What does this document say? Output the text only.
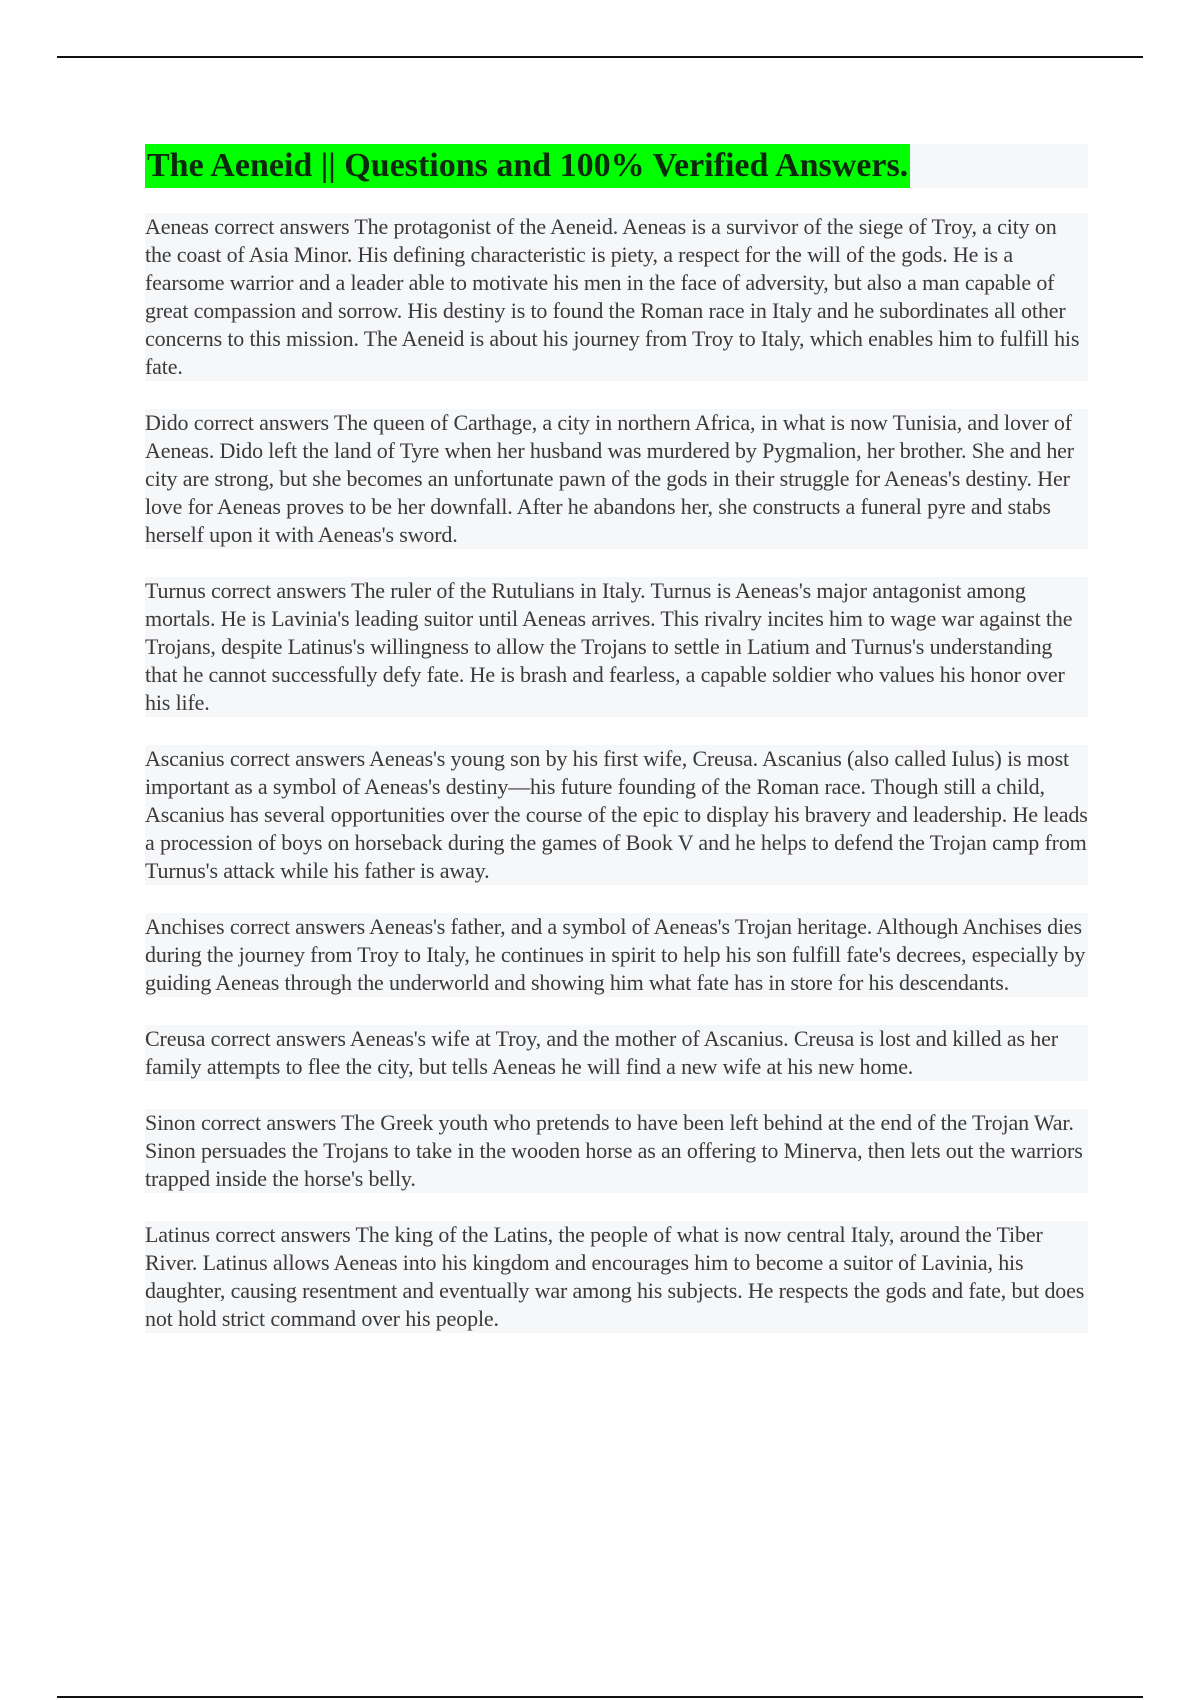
The Aeneid || Questions and 100% Verified Answers.

Aeneas correct answers The protagonist of the Aeneid. Aeneas is a survivor of the siege of Troy, a city on the coast of Asia Minor. His defining characteristic is piety, a respect for the will of the gods. He is a fearsome warrior and a leader able to motivate his men in the face of adversity, but also a man capable of great compassion and sorrow. His destiny is to found the Roman race in Italy and he subordinates all other concerns to this mission. The Aeneid is about his journey from Troy to Italy, which enables him to fulfill his fate.

Dido correct answers The queen of Carthage, a city in northern Africa, in what is now Tunisia, and lover of Aeneas. Dido left the land of Tyre when her husband was murdered by Pygmalion, her brother. She and her city are strong, but she becomes an unfortunate pawn of the gods in their struggle for Aeneas's destiny. Her love for Aeneas proves to be her downfall. After he abandons her, she constructs a funeral pyre and stabs herself upon it with Aeneas's sword.

Turnus correct answers The ruler of the Rutulians in Italy. Turnus is Aeneas's major antagonist among mortals. He is Lavinia's leading suitor until Aeneas arrives. This rivalry incites him to wage war against the Trojans, despite Latinus's willingness to allow the Trojans to settle in Latium and Turnus's understanding that he cannot successfully defy fate. He is brash and fearless, a capable soldier who values his honor over his life.

Ascanius correct answers Aeneas's young son by his first wife, Creusa. Ascanius (also called Iulus) is most important as a symbol of Aeneas's destiny—his future founding of the Roman race. Though still a child, Ascanius has several opportunities over the course of the epic to display his bravery and leadership. He leads a procession of boys on horseback during the games of Book V and he helps to defend the Trojan camp from Turnus's attack while his father is away.

Anchises correct answers Aeneas's father, and a symbol of Aeneas's Trojan heritage. Although Anchises dies during the journey from Troy to Italy, he continues in spirit to help his son fulfill fate's decrees, especially by guiding Aeneas through the underworld and showing him what fate has in store for his descendants.

Creusa correct answers Aeneas's wife at Troy, and the mother of Ascanius. Creusa is lost and killed as her family attempts to flee the city, but tells Aeneas he will find a new wife at his new home.

Sinon correct answers The Greek youth who pretends to have been left behind at the end of the Trojan War. Sinon persuades the Trojans to take in the wooden horse as an offering to Minerva, then lets out the warriors trapped inside the horse's belly.

Latinus correct answers The king of the Latins, the people of what is now central Italy, around the Tiber River. Latinus allows Aeneas into his kingdom and encourages him to become a suitor of Lavinia, his daughter, causing resentment and eventually war among his subjects. He respects the gods and fate, but does not hold strict command over his people.
